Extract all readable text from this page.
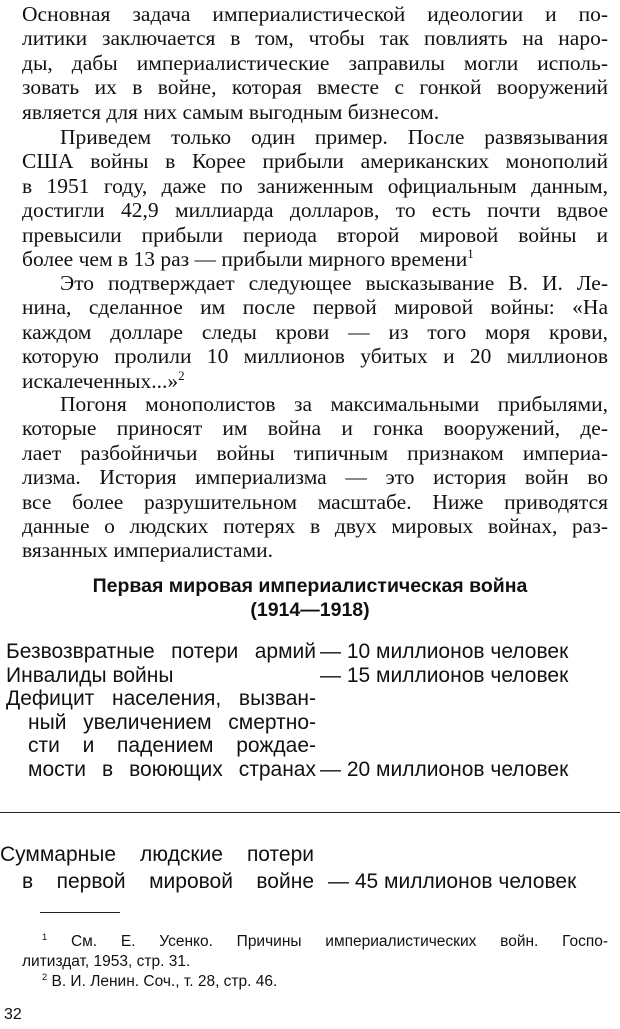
Основная задача империалистической идеологии и по-
литики заключается в том, чтобы так повлиять на наро-
ды, дабы империалистические заправилы могли исполь-
зовать их в войне, которая вместе с гонкой вооружений
является для них самым выгодным бизнесом.
Приведем только один пример. После развязывания
США войны в Корее прибыли американских монополий
в 1951 году, даже по заниженным официальным данным,
достигли 42,9 миллиарда долларов, то есть почти вдвое
превысили прибыли периода второй мировой войны и
более чем в 13 раз — прибыли мирного времени$^1$
Это подтверждает следующее высказывание В. И. Ле-
нина, сделанное им после первой мировой войны: «На
каждом долларе следы крови — из того моря крови,
которую пролили 10 миллионов убитых и 20 миллионов
искалеченных...»$^2$
Погоня монополистов за максимальными прибылями,
которые приносят им война и гонка вооружений, де-
лает разбойничьи войны типичным признаком империа-
лизма. История империализма — это история войн во
все более разрушительном масштабе. Ниже приводятся
данные о людских потерях в двух мировых войнах, раз-
вязанных империалистами.
Первая мировая империалистическая война
(1914—1918)
Безвозвратные потери армий — 10 миллионов человек
Инвалиды войны	— 15 миллионов человек
Дефицит населения, вызван-
ный увеличением смертно-
сти и падением рождае-
мости в воюющих странах — 20 миллионов человек
Суммарные людские потери
в первой мировой войне — 45 миллионов человек
$^1$ См. Е. Усенко. Причины империалистических войн. Госпо-
литиздат, 1953, стр. 31.
$^2$ В. И. Ленин. Соч., т. 28, стр. 46.
32
